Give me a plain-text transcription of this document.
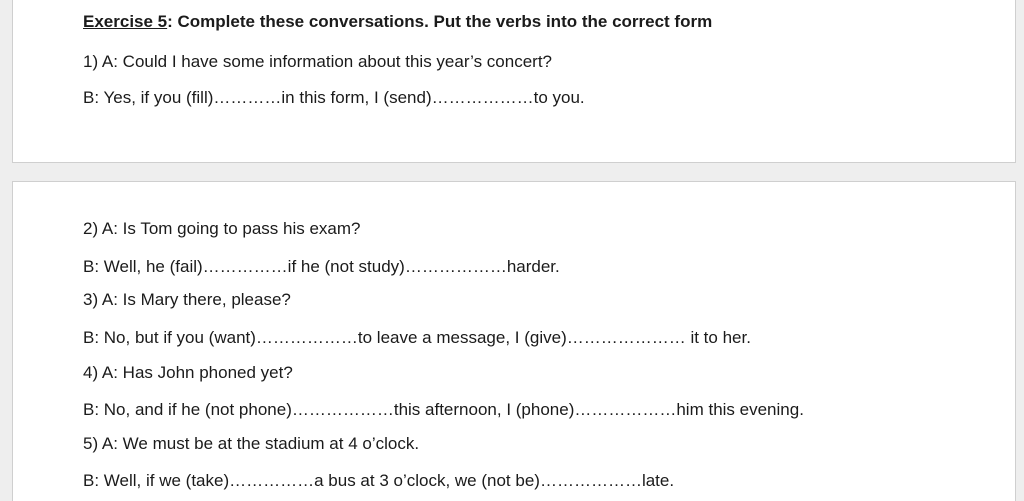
Exercise 5: Complete these conversations. Put the verbs into the correct form
1) A: Could I have some information about this year’s concert?
B: Yes, if you (fill)…………in this form, I (send)………………to you.
2) A: Is Tom going to pass his exam?
B: Well, he (fail)……………if he (not study)………………harder.
3) A: Is Mary there, please?
B: No, but if you (want)………………to leave a message, I (give)………………… it to her.
4) A: Has John phoned yet?
B: No, and if he (not phone)………………this afternoon, I (phone)………………him this evening.
5) A: We must be at the stadium at 4 o’clock.
B: Well, if we (take)……………a bus at 3 o’clock, we (not be)………………late.
